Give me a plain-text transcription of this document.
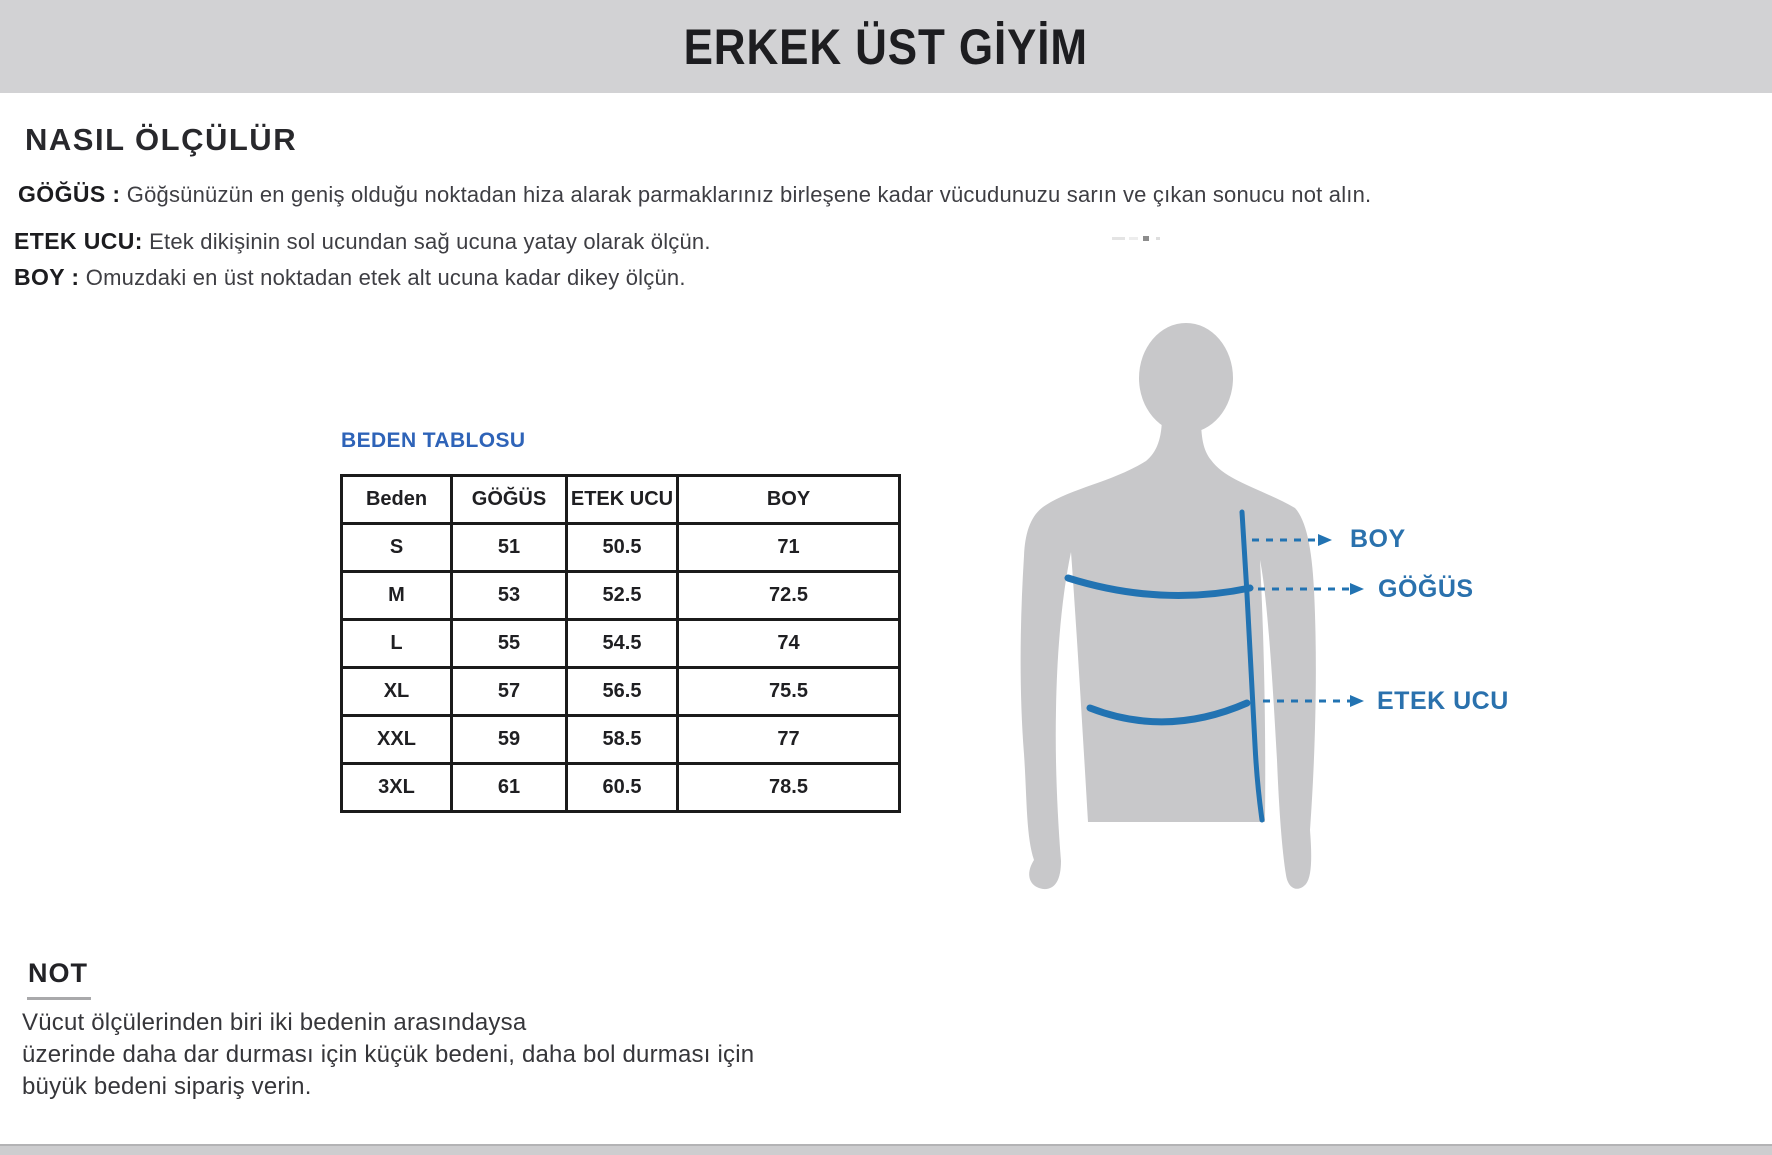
ERKEK ÜST GİYİM
NASIL ÖLÇÜLÜR
GÖĞÜS : Göğsünüzün en geniş olduğu noktadan hiza alarak parmaklarınız birleşene kadar vücudunuzu sarın ve çıkan sonucu not alın.
ETEK UCU: Etek dikişinin sol ucundan sağ ucuna yatay olarak ölçün.
BOY : Omuzdaki en üst noktadan etek alt ucuna kadar dikey ölçün.
BEDEN TABLOSU
Beden	GÖĞÜS	ETEK UCU	BOY
S	51	50.5	71
M	53	52.5	72.5
L	55	54.5	74
XL	57	56.5	75.5
XXL	59	58.5	77
3XL	61	60.5	78.5
BOY
GÖĞÜS
ETEK UCU
NOT
Vücut ölçülerinden biri iki bedenin arasındaysa
üzerinde daha dar durması için küçük bedeni, daha bol durması için
büyük bedeni sipariş verin.
